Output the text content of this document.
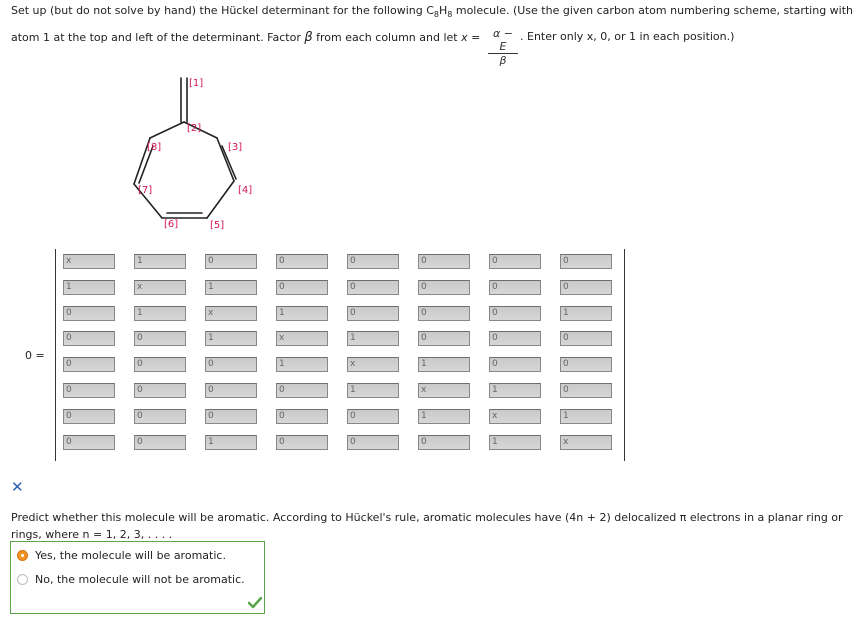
Set up (but do not solve by hand) the Hückel determinant for the following $C_8H_8$ molecule. (Use the given carbon atom numbering scheme, starting with
atom 1 at the top and left of the determinant. Factor β from each column and let $x = \frac{\alpha - E}{\beta}$ . Enter only x, 0, or 1 in each position.)
[1]
[2]
[3]
[4]
[5]
[6]
[7]
[8]
0 =
x	1	0	0	0	0	0	0
1	x	1	0	0	0	0	0
0	1	x	1	0	0	0	1
0	0	1	x	1	0	0	0
0	0	0	1	x	1	0	0
0	0	0	0	1	x	1	0
0	0	0	0	0	1	x	1
0	0	1	0	0	0	1	x
✕
Predict whether this molecule will be aromatic. According to Hückel's rule, aromatic molecules have (4n + 2) delocalized π electrons in a planar ring or rings, where n = 1, 2, 3, . . . .
Yes, the molecule will be aromatic.
No, the molecule will not be aromatic.
